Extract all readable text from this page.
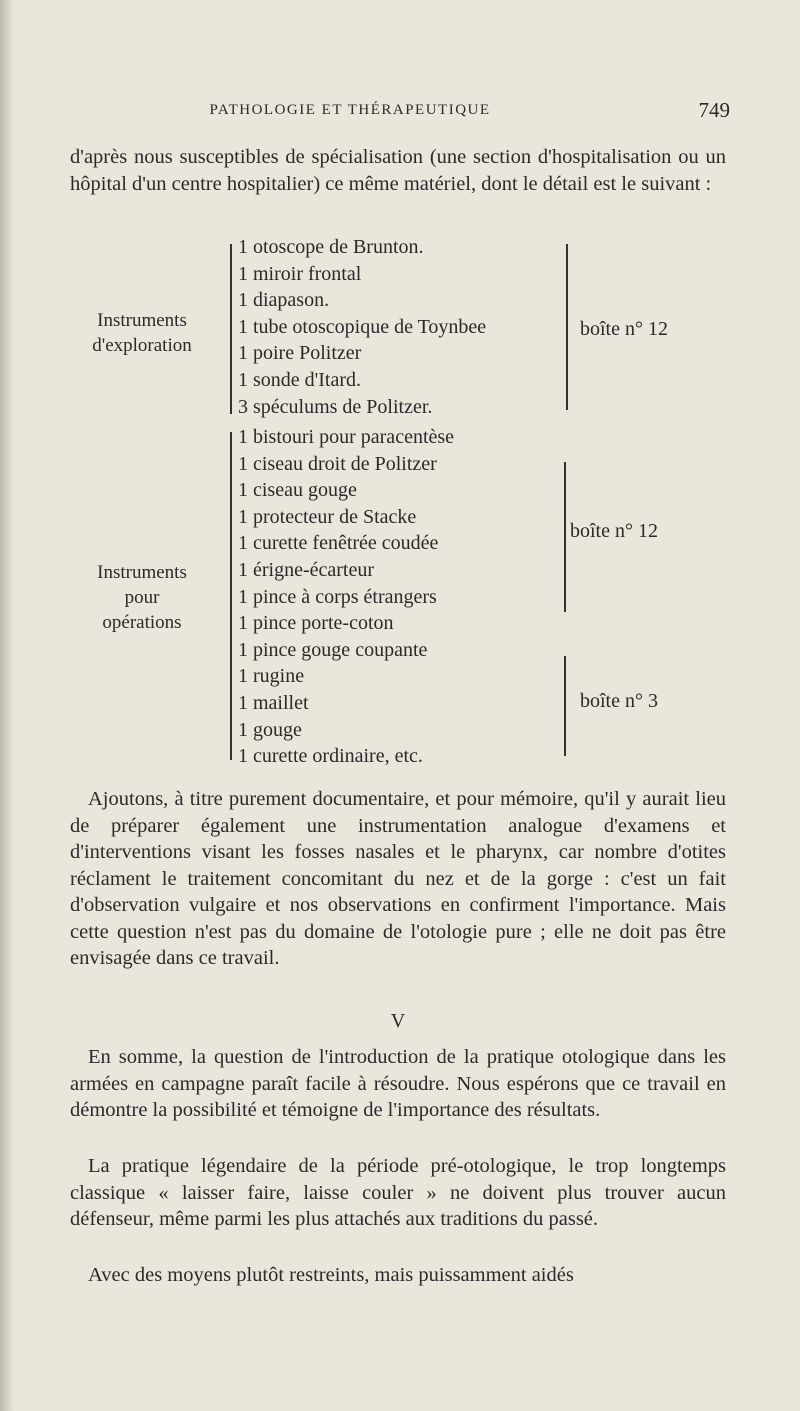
PATHOLOGIE ET THÉRAPEUTIQUE	749

d'après nous susceptibles de spécialisation (une section d'hospitalisation ou un hôpital d'un centre hospitalier) ce même matériel, dont le détail est le suivant :

Instruments
d'exploration
1 otoscope de Brunton.
1 miroir frontal
1 diapason.
1 tube otoscopique de Toynbee
1 poire Politzer
1 sonde d'Itard.
3 spéculums de Politzer.
boîte n° 12
Instruments
pour
opérations
1 bistouri pour paracentèse
1 ciseau droit de Politzer
1 ciseau gouge
1 protecteur de Stacke
1 curette fenêtrée coudée
1 érigne-écarteur
1 pince à corps étrangers
1 pince porte-coton
1 pince gouge coupante
1 rugine
1 maillet
1 gouge
1 curette ordinaire, etc.
boîte n° 12
boîte n° 3

Ajoutons, à titre purement documentaire, et pour mémoire, qu'il y aurait lieu de préparer également une instrumentation analogue d'examens et d'interventions visant les fosses nasales et le pharynx, car nombre d'otites réclament le traitement concomitant du nez et de la gorge : c'est un fait d'observation vulgaire et nos observations en confirment l'importance. Mais cette question n'est pas du domaine de l'otologie pure ; elle ne doit pas être envisagée dans ce travail.

V

En somme, la question de l'introduction de la pratique otologique dans les armées en campagne paraît facile à résoudre. Nous espérons que ce travail en démontre la possibilité et témoigne de l'importance des résultats.

La pratique légendaire de la période pré-otologique, le trop longtemps classique « laisser faire, laisse couler » ne doivent plus trouver aucun défenseur, même parmi les plus attachés aux traditions du passé.

Avec des moyens plutôt restreints, mais puissamment aidés
